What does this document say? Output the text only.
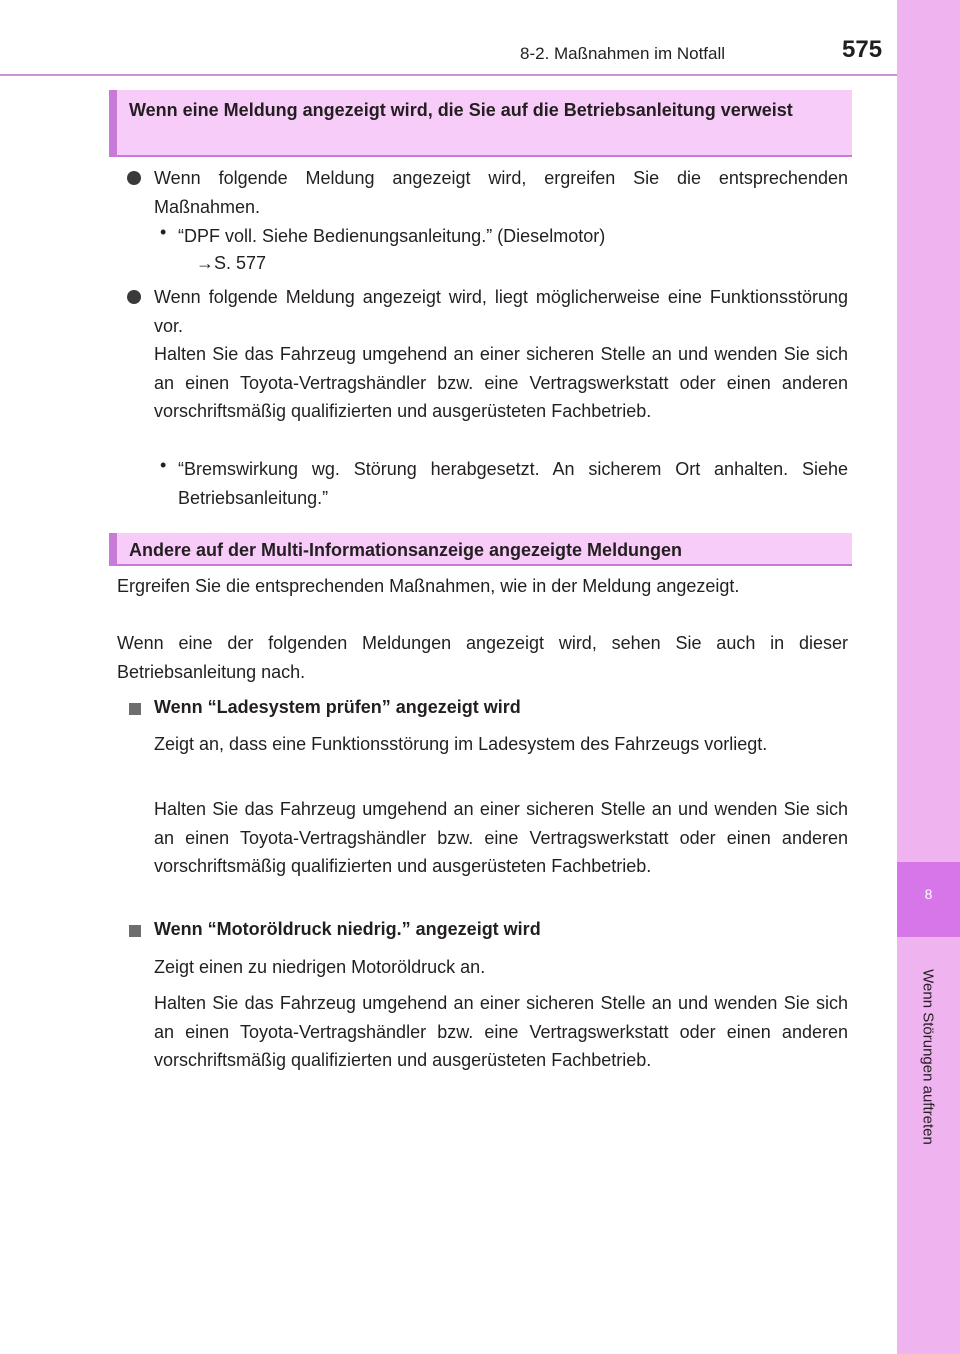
8-2. Maßnahmen im Notfall	575
8
Wenn Störungen auftreten
Wenn eine Meldung angezeigt wird, die Sie auf die Betriebsanleitung verweist
Wenn folgende Meldung angezeigt wird, ergreifen Sie die entsprechenden Maßnahmen.
• “DPF voll. Siehe Bedienungsanleitung.” (Dieselmotor)
→S. 577
Wenn folgende Meldung angezeigt wird, liegt möglicherweise eine Funktionsstörung vor.
Halten Sie das Fahrzeug umgehend an einer sicheren Stelle an und wenden Sie sich an einen Toyota-Vertragshändler bzw. eine Vertragswerkstatt oder einen anderen vorschriftsmäßig qualifizierten und ausgerüsteten Fachbetrieb.
• “Bremswirkung wg. Störung herabgesetzt. An sicherem Ort anhalten. Siehe Betriebsanleitung.”
Andere auf der Multi-Informationsanzeige angezeigte Meldungen
Ergreifen Sie die entsprechenden Maßnahmen, wie in der Meldung angezeigt.
Wenn eine der folgenden Meldungen angezeigt wird, sehen Sie auch in dieser Betriebsanleitung nach.
Wenn “Ladesystem prüfen” angezeigt wird
Zeigt an, dass eine Funktionsstörung im Ladesystem des Fahrzeugs vorliegt.
Halten Sie das Fahrzeug umgehend an einer sicheren Stelle an und wenden Sie sich an einen Toyota-Vertragshändler bzw. eine Vertragswerkstatt oder einen anderen vorschriftsmäßig qualifizierten und ausgerüsteten Fachbetrieb.
Wenn “Motoröldruck niedrig.” angezeigt wird
Zeigt einen zu niedrigen Motoröldruck an.
Halten Sie das Fahrzeug umgehend an einer sicheren Stelle an und wenden Sie sich an einen Toyota-Vertragshändler bzw. eine Vertragswerkstatt oder einen anderen vorschriftsmäßig qualifizierten und ausgerüsteten Fachbetrieb.
